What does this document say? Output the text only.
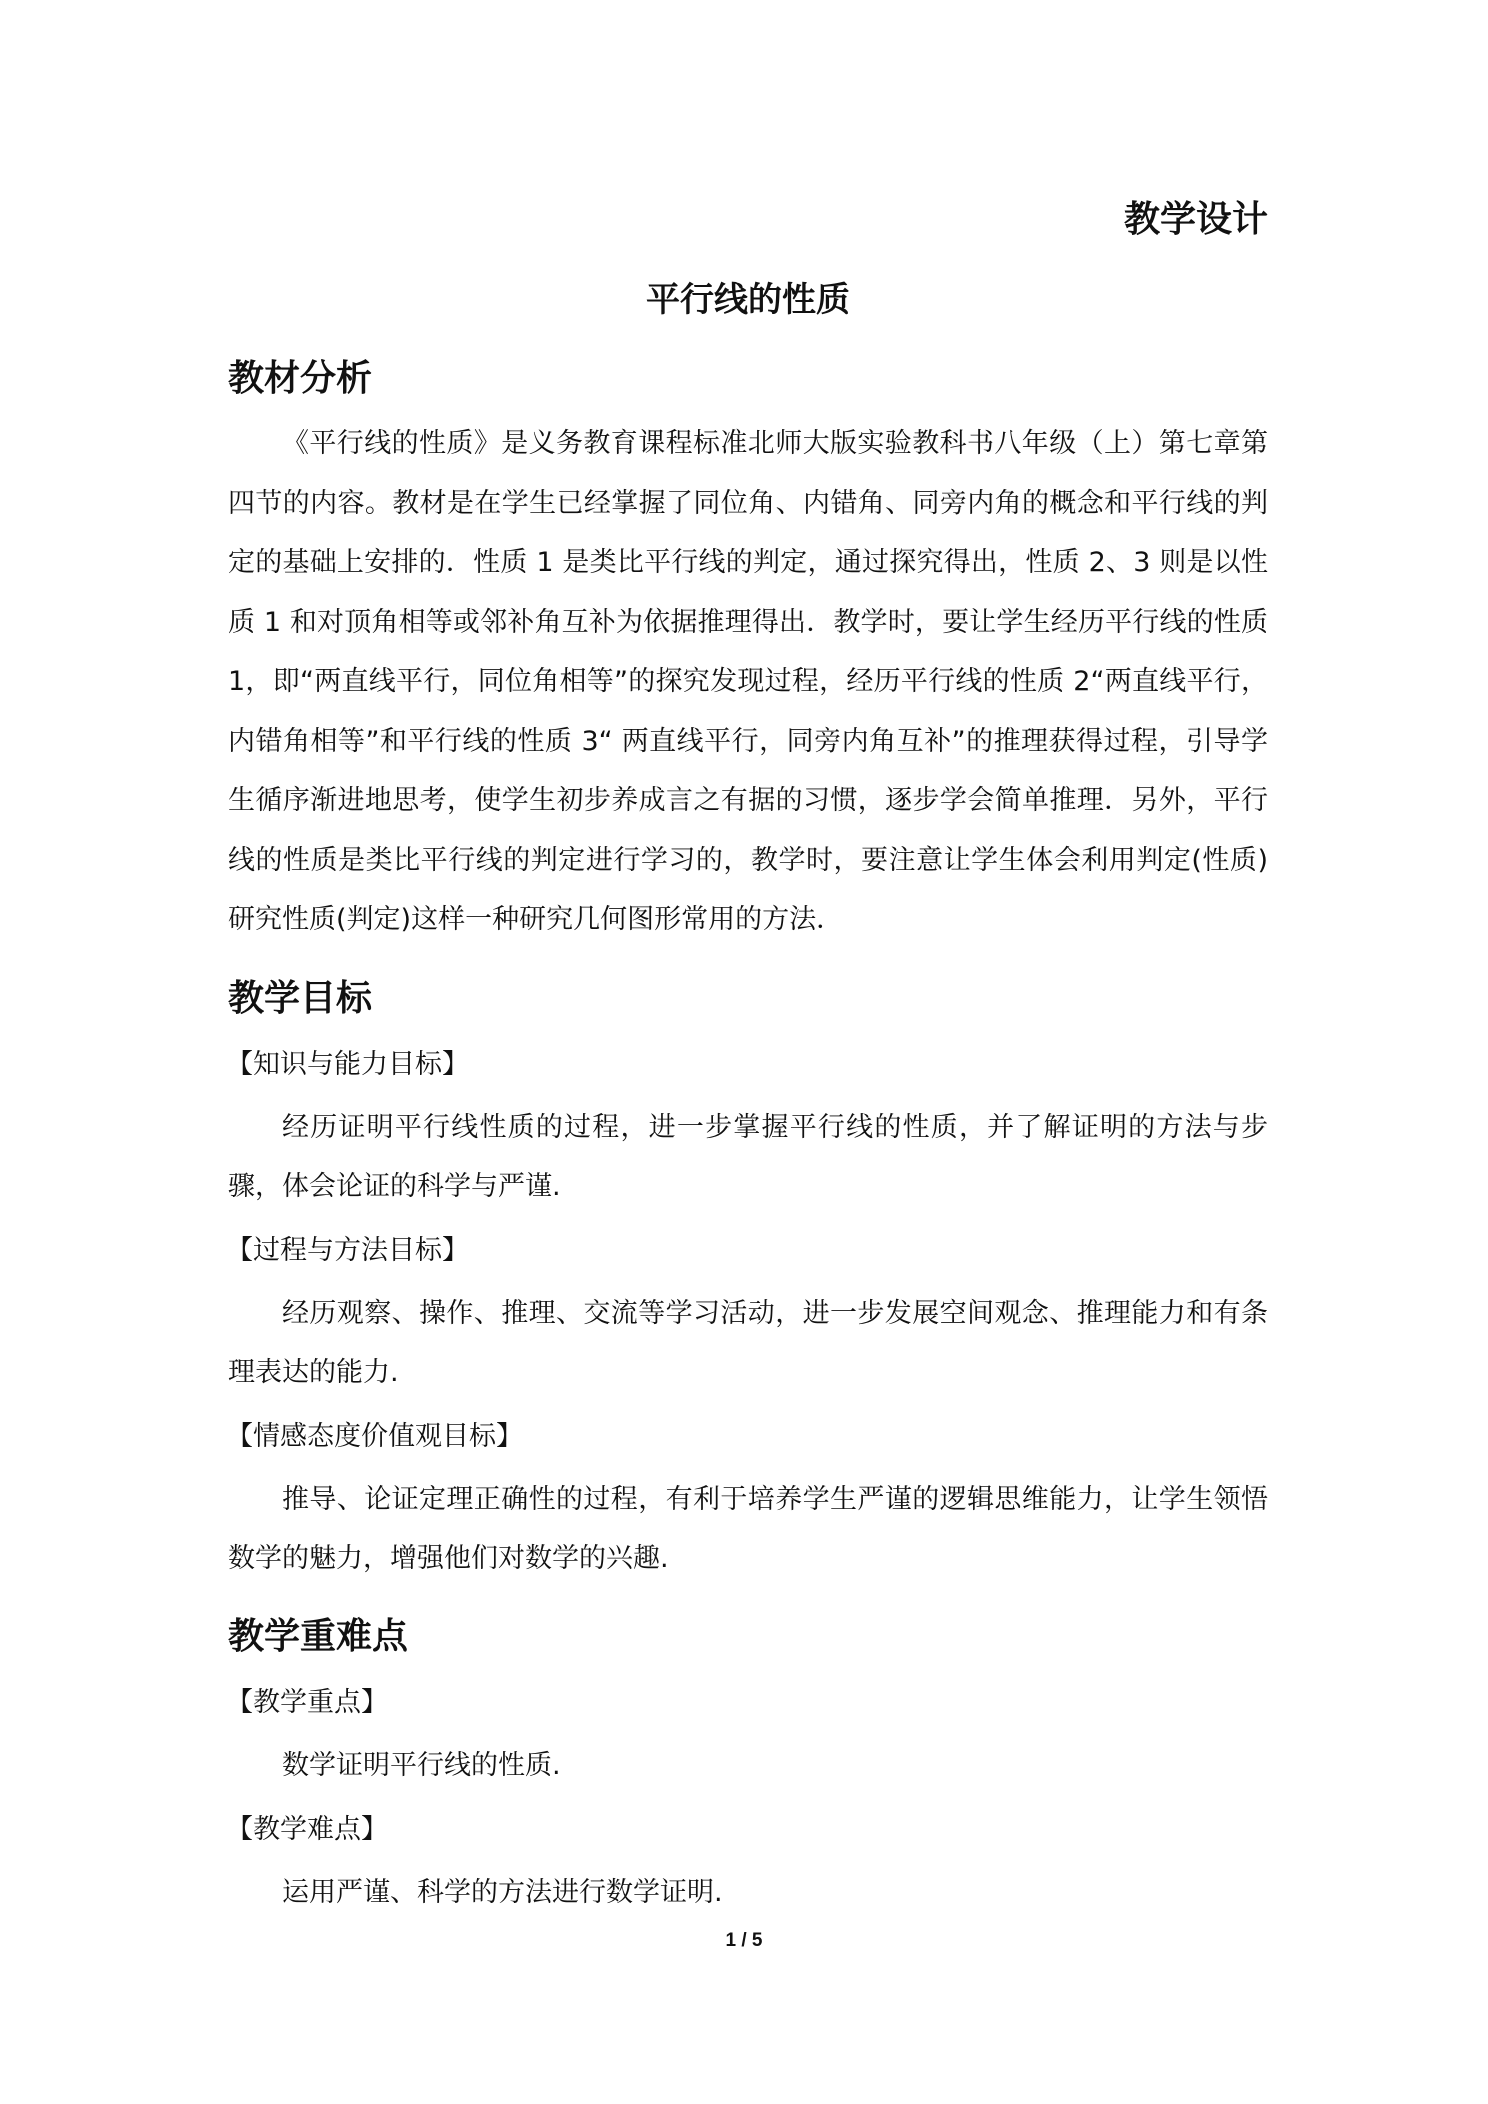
教学设计
平行线的性质
教材分析

《平行线的性质》是义务教育课程标准北师大版实验教科书八年级（上）第七章第四节的内容。教材是在学生已经掌握了同位角、内错角、同旁内角的概念和平行线的判定的基础上安排的．性质 1 是类比平行线的判定，通过探究得出，性质 2、3 则是以性质 1 和对顶角相等或邻补角互补为依据推理得出．教学时，要让学生经历平行线的性质 1，即“两直线平行，同位角相等”的探究发现过程，经历平行线的性质 2“两直线平行，内错角相等”和平行线的性质 3“ 两直线平行，同旁内角互补”的推理获得过程，引导学生循序渐进地思考，使学生初步养成言之有据的习惯，逐步学会简单推理．另外，平行线的性质是类比平行线的判定进行学习的，教学时，要注意让学生体会利用判定(性质)研究性质(判定)这样一种研究几何图形常用的方法．

教学目标
【知识与能力目标】

经历证明平行线性质的过程，进一步掌握平行线的性质，并了解证明的方法与步骤，体会论证的科学与严谨.

【过程与方法目标】

经历观察、操作、推理、交流等学习活动，进一步发展空间观念、推理能力和有条理表达的能力.

【情感态度价值观目标】

推导、论证定理正确性的过程，有利于培养学生严谨的逻辑思维能力，让学生领悟数学的魅力，增强他们对数学的兴趣.

教学重难点
【教学重点】

数学证明平行线的性质.

【教学难点】

运用严谨、科学的方法进行数学证明.

1 / 5
